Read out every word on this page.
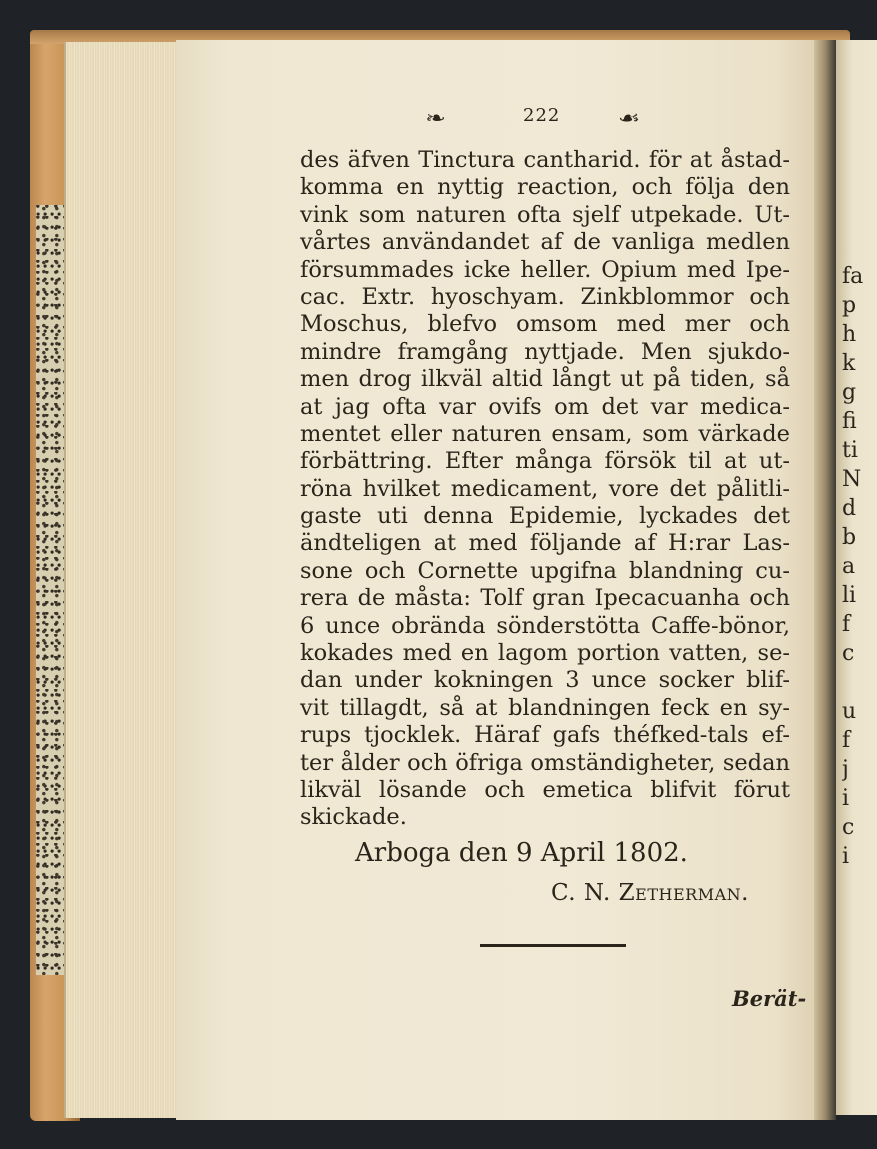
fa
p
h
k
g
fi
ti
N
d
b
a
li
f
c
u
f
j
i
c
i
❧	222	☙
des äfven Tinctura cantharid. för at åstad-
komma en nyttig reaction, och följa den
vink som naturen ofta sjelf utpekade. Ut-
vårtes användandet af de vanliga medlen
försummades icke heller. Opium med Ipe-
cac. Extr. hyoschyam. Zinkblommor och
Moschus, blefvo omsom med mer och
mindre framgång nyttjade. Men sjukdo-
men drog ilkväl altid långt ut på tiden, så
at jag ofta var ovifs om det var medica-
mentet eller naturen ensam, som värkade
förbättring. Efter många försök til at ut-
röna hvilket medicament, vore det pålitli-
gaste uti denna Epidemie, lyckades det
ändteligen at med följande af H:rar Las-
sone och Cornette upgifna blandning cu-
rera de måsta: Tolf gran Ipecacuanha och
6 unce obrända sönderstötta Caffe-bönor,
kokades med en lagom portion vatten, se-
dan under kokningen 3 unce socker blif-
vit tillagdt, så at blandningen feck en sy-
rups tjocklek. Häraf gafs théfked-tals ef-
ter ålder och öfriga omständigheter, sedan
likväl lösande och emetica blifvit förut
skickade.
Arboga den 9 April 1802.
C. N. Zetherman.
Berät-
